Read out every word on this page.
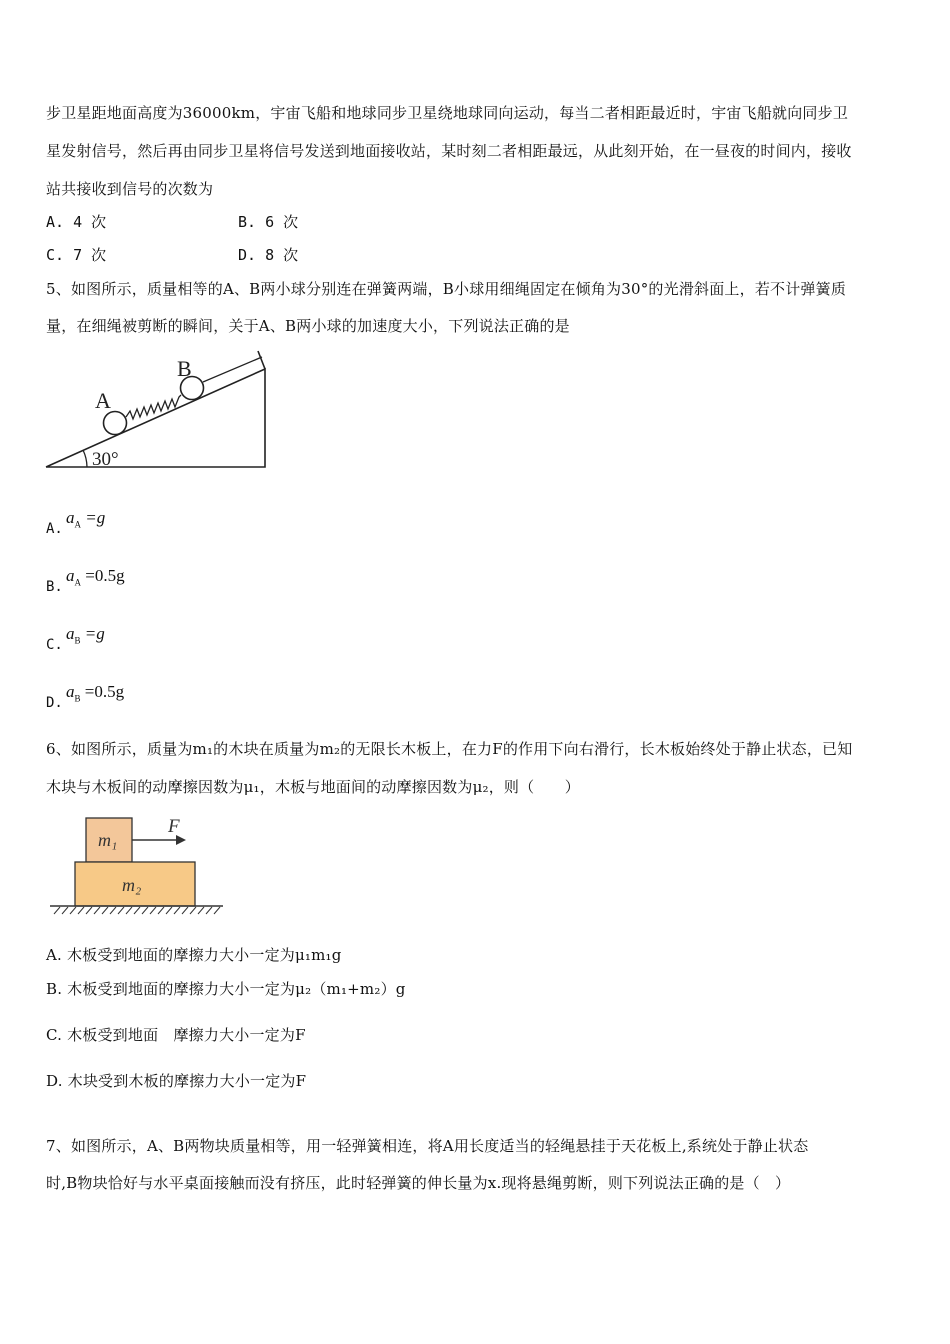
步卫星距地面高度为36000km，宇宙飞船和地球同步卫星绕地球同向运动，每当二者相距最近时，宇宙飞船就向同步卫
星发射信号，然后再由同步卫星将信号发送到地面接收站，某时刻二者相距最远，从此刻开始，在一昼夜的时间内，接收
站共接收到信号的次数为
A. 4 次	B. 6 次
C. 7 次	D. 8 次
5、如图所示，质量相等的A、B两小球分别连在弹簧两端，B小球用细绳固定在倾角为30°的光滑斜面上，若不计弹簧质
量，在细绳被剪断的瞬间，关于A、B两小球的加速度大小，下列说法正确的是
A
B
30°
A.
$a_A =g$
B.
$a_A =0.5g$
C.
$a_B =g$
D.
$a_B =0.5g$
6、如图所示，质量为m₁的木块在质量为m₂的无限长木板上，在力F的作用下向右滑行，长木板始终处于静止状态，已知
木块与木板间的动摩擦因数为μ₁，木板与地面间的动摩擦因数为μ₂，则（　　）
F
m₁
m₂
A. 木板受到地面的摩擦力大小一定为μ₁m₁g
B. 木板受到地面的摩擦力大小一定为μ₂（m₁+m₂）g
C. 木板受到地面　摩擦力大小一定为F
D. 木块受到木板的摩擦力大小一定为F
7、如图所示，A、B两物块质量相等，用一轻弹簧相连，将A用长度适当的轻绳悬挂于天花板上,系统处于静止状态
时,B物块恰好与水平桌面接触而没有挤压，此时轻弹簧的伸长量为x.现将悬绳剪断，则下列说法正确的是（　）
